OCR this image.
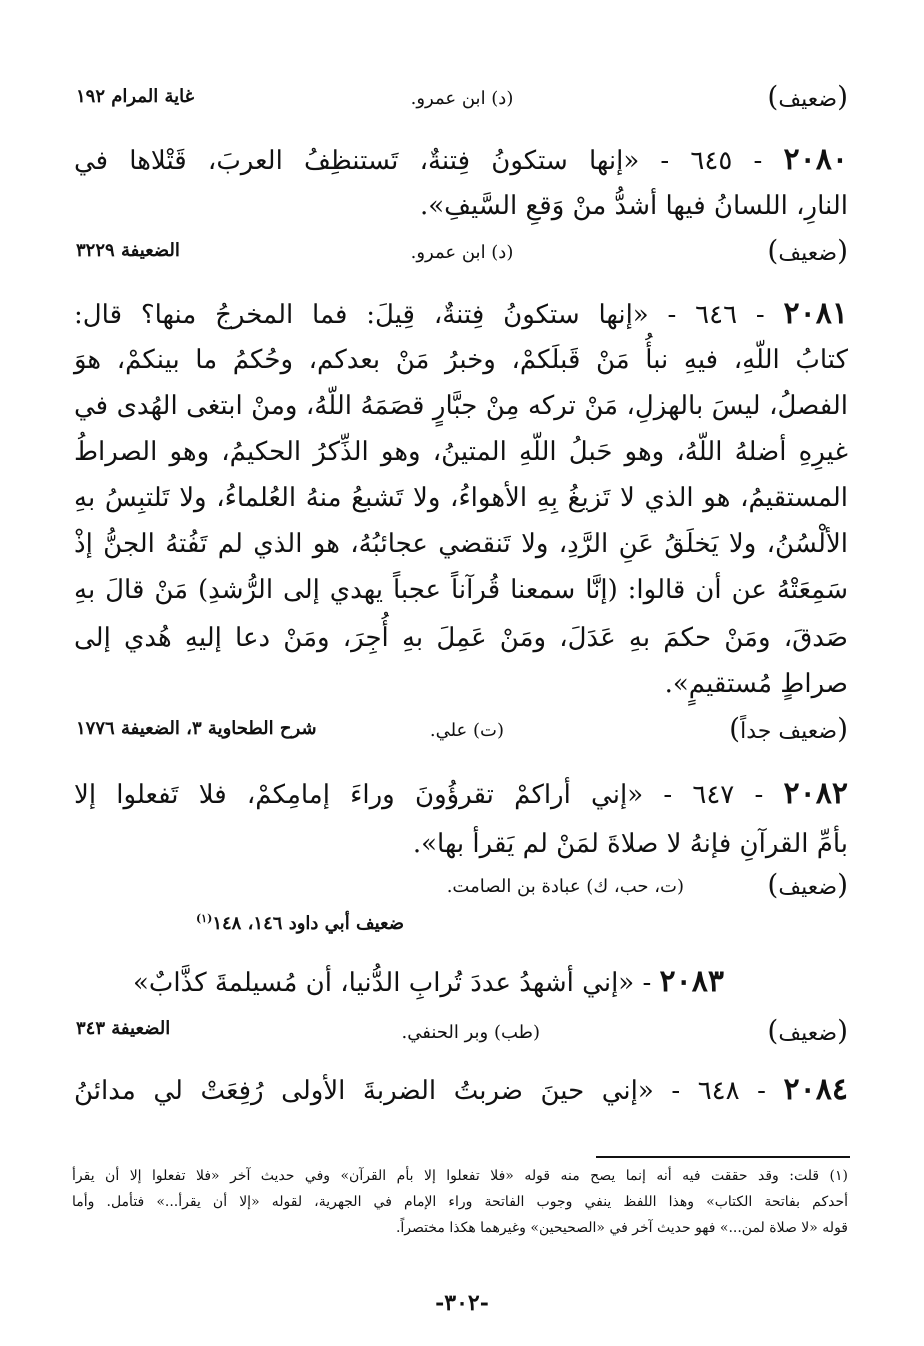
(ضعيف)
(د) ابن عمرو.
غاية المرام ١٩٢
٢٠٨٠ - ٦٤٥ - «إنها ستكونُ فِتنةٌ، تَستنظِفُ العربَ، قَتْلاها في
النارِ، اللسانُ فيها أشدُّ منْ وَقعِ السَّيفِ».
(ضعيف)
(د) ابن عمرو.
الضعيفة ٣٢٢٩
٢٠٨١ - ٦٤٦ - «إنها ستكونُ فِتنةٌ، قِيلَ: فما المخرجُ منها؟ قال:
كتابُ اللّهِ، فيهِ نبأُ مَنْ قَبلَكمْ، وخبرُ مَنْ بعدكم، وحُكمُ ما بينكمْ، هوَ
الفصلُ، ليسَ بالهزلِ، مَنْ تركه مِنْ جبَّارٍ قصَمَهُ اللّهُ، ومنْ ابتغى الهُدى في
غيرِهِ أضلهُ اللّهُ، وهو حَبلُ اللّهِ المتينُ، وهو الذِّكرُ الحكيمُ، وهو الصراطُ
المستقيمُ، هو الذي لا تَزيغُ بِهِ الأهواءُ، ولا تَشبعُ منهُ العُلماءُ، ولا تَلتبِسُ بهِ
الألْسُنُ، ولا يَخلَقُ عَنِ الرَّدِ، ولا تَنقضي عجائبُهُ، هو الذي لم تَفُتهُ الجنُّ إذْ
سَمِعَتْهُ عن أن قالوا: (إنَّا سمعنا قُرآناً عجباً يهدي إلى الرُّشدِ) مَنْ قالَ بهِ
صَدقَ، ومَنْ حكمَ بهِ عَدَلَ، ومَنْ عَمِلَ بهِ أُجِرَ، ومَنْ دعا إليهِ هُدي إلى
صراطٍ مُستقيمٍ».
(ضعيف جداً)
(ت) علي.
شرح الطحاوية ٣، الضعيفة ١٧٧٦
٢٠٨٢ - ٦٤٧ - «إني أراكمْ تقرؤُونَ وراءَ إمامِكمْ، فلا تَفعلوا إلا
بأمِّ القرآنِ فإنهُ لا صلاةَ لمَنْ لم يَقرأ بها».
(ضعيف)
(ت، حب، ك) عبادة بن الصامت.
ضعيف أبي داود ١٤٦، ١٤٨$^{(١)}$
٢٠٨٣ - «إني أشهدُ عددَ تُرابِ الدُّنيا، أن مُسيلمةَ كذَّابٌ»
(ضعيف)
(طب) وبر الحنفي.
الضعيفة ٣٤٣
٢٠٨٤ - ٦٤٨ - «إني حينَ ضربتُ الضربةَ الأولى رُفِعَتْ لي مدائنُ
(١) قلت: وقد حققت فيه أنه إنما يصح منه قوله «فلا تفعلوا إلا بأم القرآن» وفي حديث آخر «فلا تفعلوا إلا أن يقرأ
أحدكم بفاتحة الكتاب» وهذا اللفظ ينفي وجوب الفاتحة وراء الإمام في الجهرية، لقوله «إلا أن يقرأ...» فتأمل. وأما
قوله «لا صلاة لمن...» فهو حديث آخر في «الصحيحين» وغيرهما هكذا مختصراً.
-٣٠٢-
